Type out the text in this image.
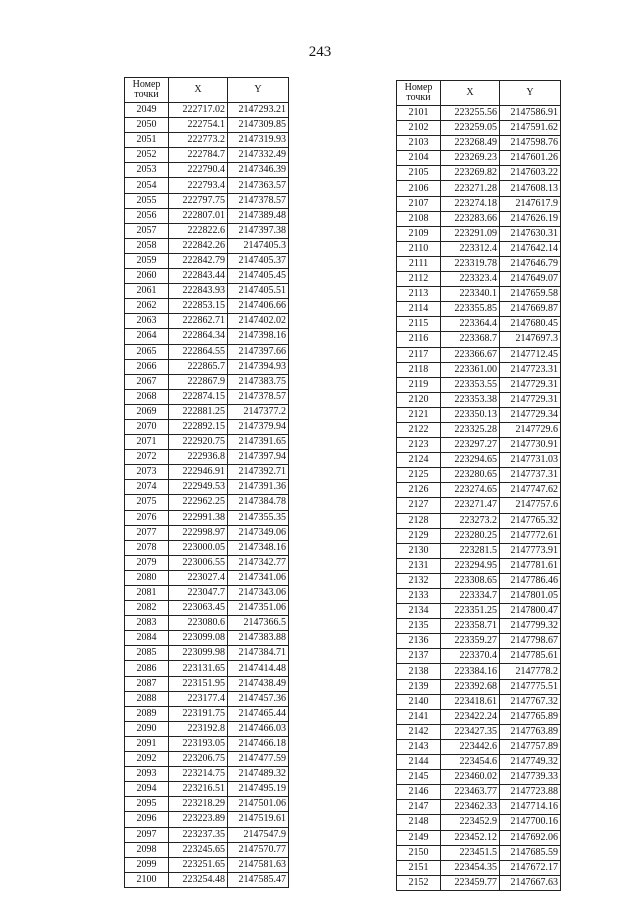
243
Номер
точки	X	Y
2049	222717.02	2147293.21
2050	222754.1	2147309.85
2051	222773.2	2147319.93
2052	222784.7	2147332.49
2053	222790.4	2147346.39
2054	222793.4	2147363.57
2055	222797.75	2147378.57
2056	222807.01	2147389.48
2057	222822.6	2147397.38
2058	222842.26	2147405.3
2059	222842.79	2147405.37
2060	222843.44	2147405.45
2061	222843.93	2147405.51
2062	222853.15	2147406.66
2063	222862.71	2147402.02
2064	222864.34	2147398.16
2065	222864.55	2147397.66
2066	222865.7	2147394.93
2067	222867.9	2147383.75
2068	222874.15	2147378.57
2069	222881.25	2147377.2
2070	222892.15	2147379.94
2071	222920.75	2147391.65
2072	222936.8	2147397.94
2073	222946.91	2147392.71
2074	222949.53	2147391.36
2075	222962.25	2147384.78
2076	222991.38	2147355.35
2077	222998.97	2147349.06
2078	223000.05	2147348.16
2079	223006.55	2147342.77
2080	223027.4	2147341.06
2081	223047.7	2147343.06
2082	223063.45	2147351.06
2083	223080.6	2147366.5
2084	223099.08	2147383.88
2085	223099.98	2147384.71
2086	223131.65	2147414.48
2087	223151.95	2147438.49
2088	223177.4	2147457.36
2089	223191.75	2147465.44
2090	223192.8	2147466.03
2091	223193.05	2147466.18
2092	223206.75	2147477.59
2093	223214.75	2147489.32
2094	223216.51	2147495.19
2095	223218.29	2147501.06
2096	223223.89	2147519.61
2097	223237.35	2147547.9
2098	223245.65	2147570.77
2099	223251.65	2147581.63
2100	223254.48	2147585.47
Номер
точки	X	Y
2101	223255.56	2147586.91
2102	223259.05	2147591.62
2103	223268.49	2147598.76
2104	223269.23	2147601.26
2105	223269.82	2147603.22
2106	223271.28	2147608.13
2107	223274.18	2147617.9
2108	223283.66	2147626.19
2109	223291.09	2147630.31
2110	223312.4	2147642.14
2111	223319.78	2147646.79
2112	223323.4	2147649.07
2113	223340.1	2147659.58
2114	223355.85	2147669.87
2115	223364.4	2147680.45
2116	223368.7	2147697.3
2117	223366.67	2147712.45
2118	223361.00	2147723.31
2119	223353.55	2147729.31
2120	223353.38	2147729.31
2121	223350.13	2147729.34
2122	223325.28	2147729.6
2123	223297.27	2147730.91
2124	223294.65	2147731.03
2125	223280.65	2147737.31
2126	223274.65	2147747.62
2127	223271.47	2147757.6
2128	223273.2	2147765.32
2129	223280.25	2147772.61
2130	223281.5	2147773.91
2131	223294.95	2147781.61
2132	223308.65	2147786.46
2133	223334.7	2147801.05
2134	223351.25	2147800.47
2135	223358.71	2147799.32
2136	223359.27	2147798.67
2137	223370.4	2147785.61
2138	223384.16	2147778.2
2139	223392.68	2147775.51
2140	223418.61	2147767.32
2141	223422.24	2147765.89
2142	223427.35	2147763.89
2143	223442.6	2147757.89
2144	223454.6	2147749.32
2145	223460.02	2147739.33
2146	223463.77	2147723.88
2147	223462.33	2147714.16
2148	223452.9	2147700.16
2149	223452.12	2147692.06
2150	223451.5	2147685.59
2151	223454.35	2147672.17
2152	223459.77	2147667.63
